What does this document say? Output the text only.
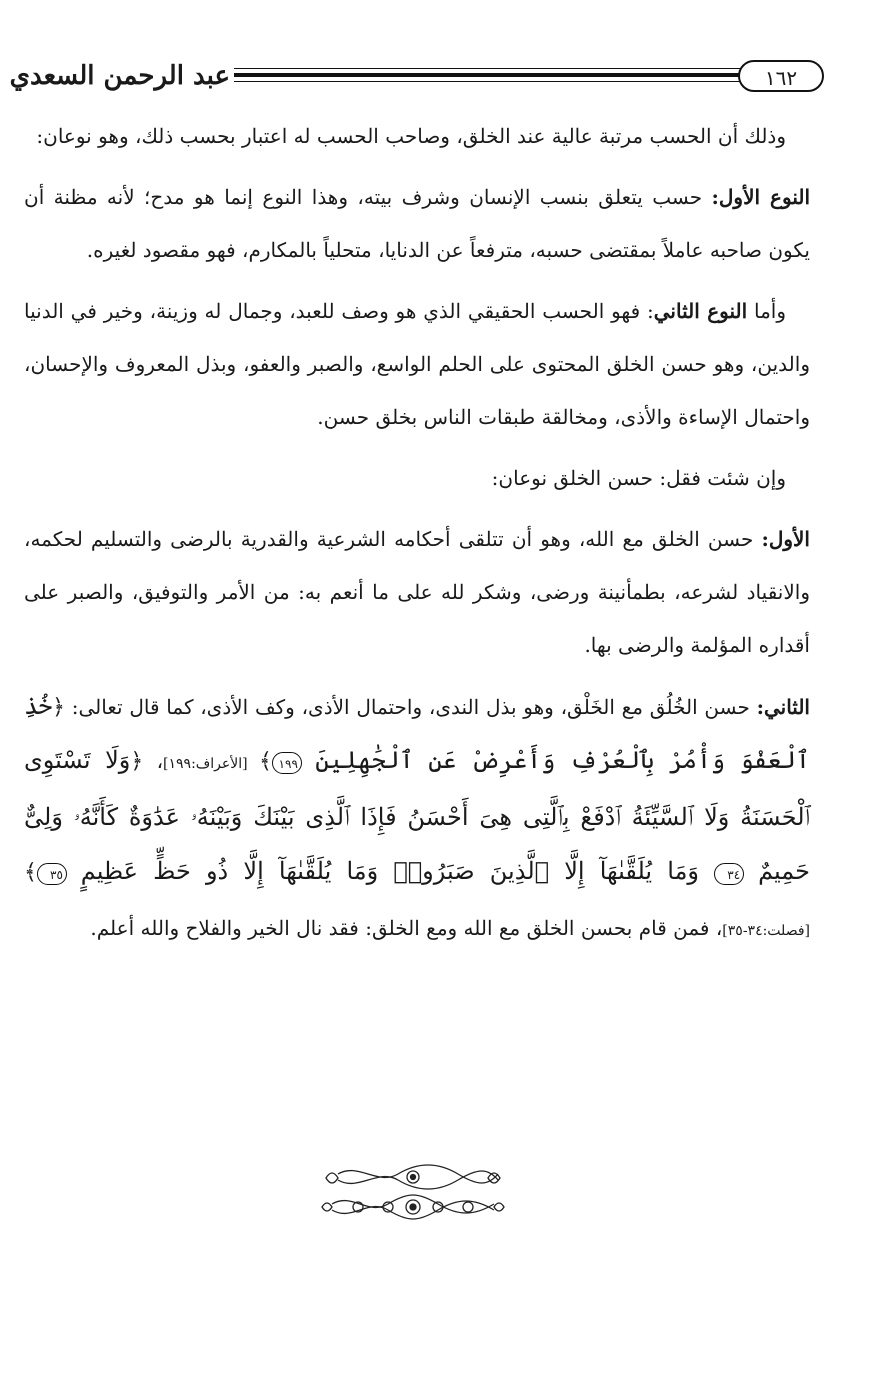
عبد الرحمن السعدي	١٦٢

وذلك أن الحسب مرتبة عالية عند الخلق، وصاحب الحسب له اعتبار بحسب ذلك، وهو نوعان:

النوع الأول: حسب يتعلق بنسب الإنسان وشرف بيته، وهذا النوع إنما هو مدح؛ لأنه مظنة أن يكون صاحبه عاملاً بمقتضى حسبه، مترفعاً عن الدنايا، متحلياً بالمكارم، فهو مقصود لغيره.

وأما النوع الثاني: فهو الحسب الحقيقي الذي هو وصف للعبد، وجمال له وزينة، وخير في الدنيا والدين، وهو حسن الخلق المحتوى على الحلم الواسع، والصبر والعفو، وبذل المعروف والإحسان، واحتمال الإساءة والأذى، ومخالقة طبقات الناس بخلق حسن.

وإن شئت فقل: حسن الخلق نوعان:

الأول: حسن الخلق مع الله، وهو أن تتلقى أحكامه الشرعية والقدرية بالرضى والتسليم لحكمه، والانقياد لشرعه، بطمأنينة ورضى، وشكر لله على ما أنعم به: من الأمر والتوفيق، والصبر على أقداره المؤلمة والرضى بها.

الثاني: حسن الخُلُق مع الخَلْق، وهو بذل الندى، واحتمال الأذى، وكف الأذى، كما قال تعالى: ﴿خُذِ ٱلْعَفْوَ وَأْمُرْ بِٱلْعُرْفِ وَأَعْرِضْ عَنِ ٱلْجَٰهِلِينَ ١٩٩﴾ [الأعراف:١٩٩]، ﴿وَلَا تَسْتَوِى ٱلْحَسَنَةُ وَلَا ٱلسَّيِّئَةُ ٱدْفَعْ بِٱلَّتِى هِىَ أَحْسَنُ فَإِذَا ٱلَّذِى بَيْنَكَ وَبَيْنَهُۥ عَدَٰوَةٌ كَأَنَّهُۥ وَلِىٌّ حَمِيمٌ ٣٤ وَمَا يُلَقَّىٰهَآ إِلَّا ٱلَّذِينَ صَبَرُوا۟ وَمَا يُلَقَّىٰهَآ إِلَّا ذُو حَظٍّ عَظِيمٍ ٣٥﴾ [فصلت:٣٤-٣٥]، فمن قام بحسن الخلق مع الله ومع الخلق: فقد نال الخير والفلاح والله أعلم.
